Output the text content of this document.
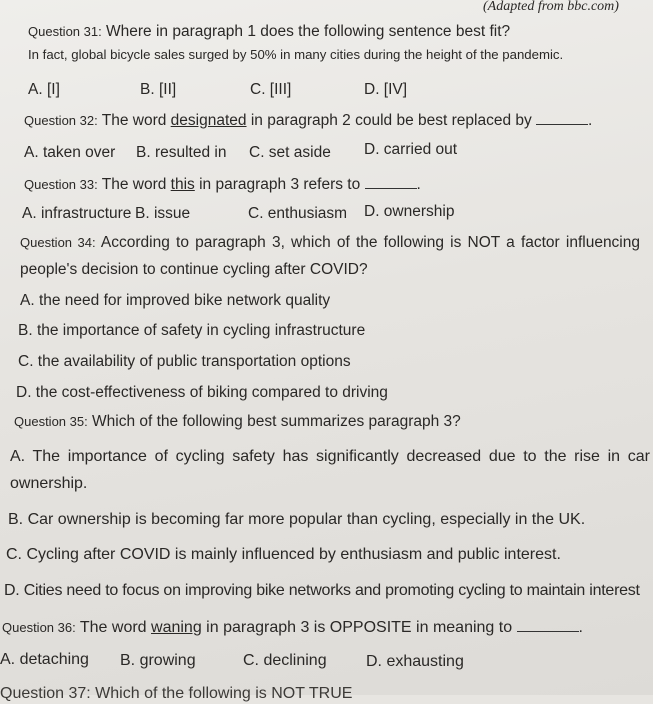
(Adapted from bbc.com)
Question 31: Where in paragraph 1 does the following sentence best fit?
In fact, global bicycle sales surged by 50% in many cities during the height of the pandemic.
A. [I]	B. [II]	C. [III]	D. [IV]
Question 32: The word designated in paragraph 2 could be best replaced by	.
A. taken over B. resulted in C. set aside D. carried out
Question 33: The word this in paragraph 3 refers to	.
A. infrastructure B. issue	C. enthusiasm D. ownership
Question 34: According to paragraph 3, which of the following is NOT a factor influencing people's decision to continue cycling after COVID?
A. the need for improved bike network quality
B. the importance of safety in cycling infrastructure
C. the availability of public transportation options
D. the cost-effectiveness of biking compared to driving
Question 35: Which of the following best summarizes paragraph 3?
A. The importance of cycling safety has significantly decreased due to the rise in car ownership.
B. Car ownership is becoming far more popular than cycling, especially in the UK.
C. Cycling after COVID is mainly influenced by enthusiasm and public interest.
D. Cities need to focus on improving bike networks and promoting cycling to maintain interest
Question 36: The word waning in paragraph 3 is OPPOSITE in meaning to	.
A. detaching B. growing	C. declining D. exhausting
Question 37: Which of the following is NOT TRUE
